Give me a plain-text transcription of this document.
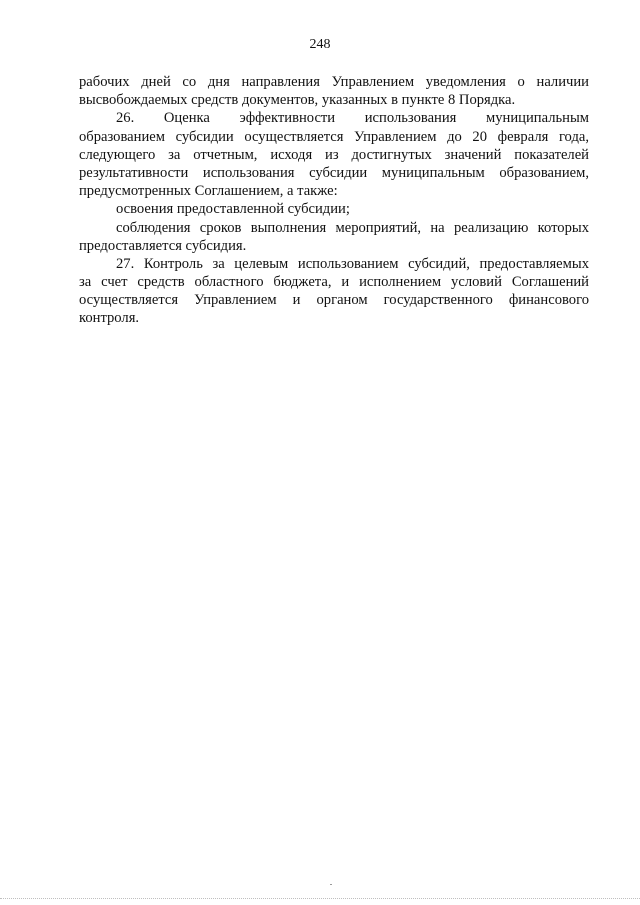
248
рабочих дней со дня направления Управлением уведомления о наличии
высвобождаемых средств документов, указанных в пункте 8 Порядка.
26. Оценка эффективности использования муниципальным
образованием субсидии осуществляется Управлением до 20 февраля года,
следующего за отчетным, исходя из достигнутых значений показателей
результативности использования субсидии муниципальным образованием,
предусмотренных Соглашением, а также:
освоения предоставленной субсидии;
соблюдения сроков выполнения мероприятий, на реализацию которых
предоставляется субсидия.
27. Контроль за целевым использованием субсидий, предоставляемых
за счет средств областного бюджета, и исполнением условий Соглашений
осуществляется Управлением и органом государственного финансового
контроля.
